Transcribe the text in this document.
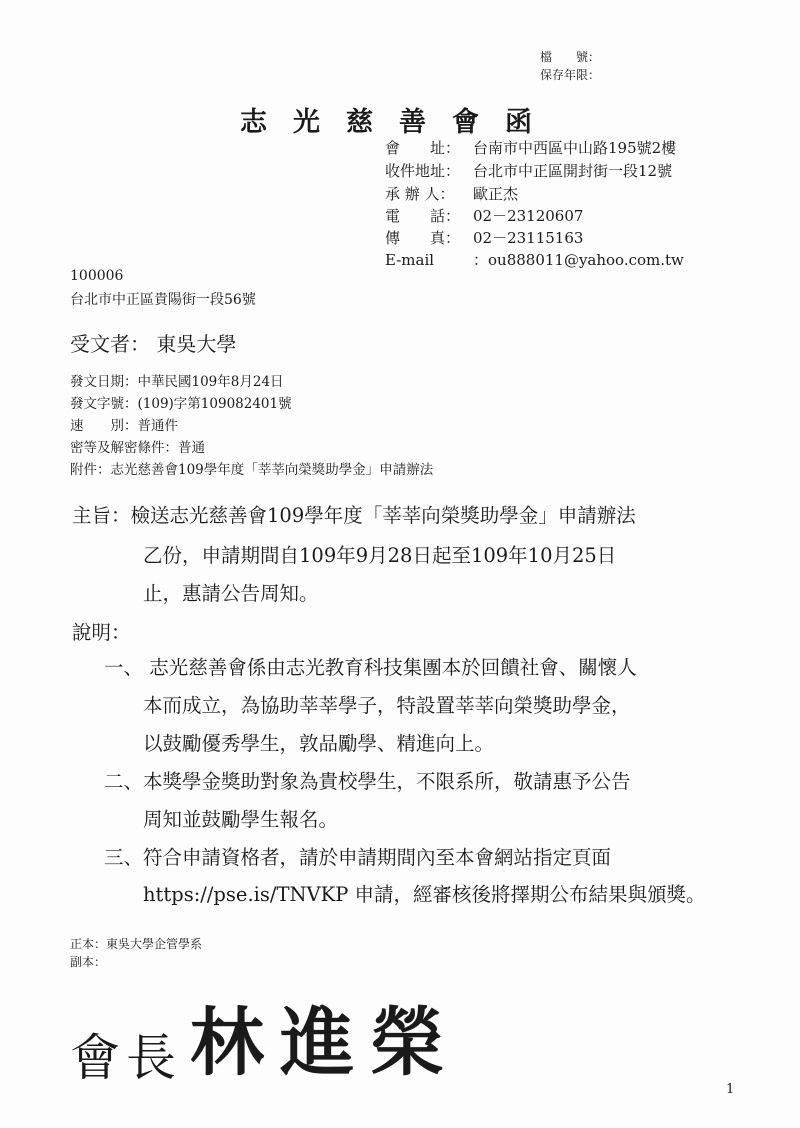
檔　　號：
保存年限：
志光慈善會函
會　　址： 台南市中西區中山路195號2樓
收件地址： 台北市中正區開封街一段12號
承 辦 人： 歐正杰
電　　話： 02－23120607
傳　　真： 02－23115163
E-mail	：ou888011@yahoo.com.tw
100006
台北市中正區貴陽街一段56號
受文者： 東吳大學
發文日期：中華民國109年8月24日
發文字號：(109)字第109082401號
速　　別：普通件
密等及解密條件：普通
附件：志光慈善會109學年度「莘莘向榮獎助學金」申請辦法
主旨：檢送志光慈善會109學年度「莘莘向榮獎助學金」申請辦法
乙份，申請期間自109年9月28日起至109年10月25日
止，惠請公告周知。
說明：
一、 志光慈善會係由志光教育科技集團本於回饋社會、關懷人
本而成立，為協助莘莘學子，特設置莘莘向榮獎助學金，
以鼓勵優秀學生，敦品勵學、精進向上。
二、本獎學金獎助對象為貴校學生，不限系所，敬請惠予公告
周知並鼓勵學生報名。
三、符合申請資格者，請於申請期間內至本會網站指定頁面
https://pse.is/TNVKP 申請，經審核後將擇期公布結果與頒獎。
正本：東吳大學企管學系
副本：
會長 林進榮
1
